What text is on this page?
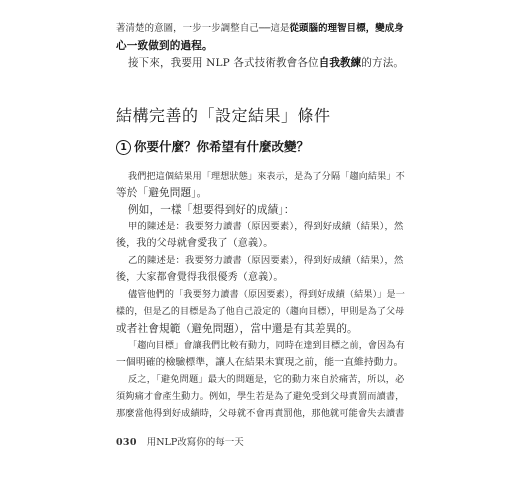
著清楚的意圖，一步一步調整自己──這是從頭腦的理智目標，變成身
心一致做到的過程。
接下來，我要用 NLP 各式技術教會各位自我教練的方法。
結構完善的「設定結果」條件
1 你要什麼？你希望有什麼改變？
我們把這個結果用「理想狀態」來表示，是為了分隔「趨向結果」不
等於「避免問題」。
例如，一樣「想要得到好的成績」：
甲的陳述是：我要努力讀書（原因要素），得到好成績（結果），然
後，我的父母就會愛我了（意義）。
乙的陳述是：我要努力讀書（原因要素），得到好成績（結果），然
後，大家都會覺得我很優秀（意義）。
儘管他們的「我要努力讀書（原因要素），得到好成績（結果）」是一
樣的，但是乙的目標是為了他自己設定的（趨向目標），甲則是為了父母
或者社會規範（避免問題），當中還是有其差異的。
「趨向目標」會讓我們比較有動力，同時在達到目標之前，會因為有
一個明確的檢驗標準，讓人在結果未實現之前，能一直維持動力。
反之，「避免問題」最大的問題是，它的動力來自於痛苦，所以，必
須夠痛才會產生動力。例如，學生若是為了避免受到父母責罰而讀書，
那麼當他得到好成績時，父母就不會再責罰他，那他就可能會失去讀書
030 用NLP改寫你的每一天
